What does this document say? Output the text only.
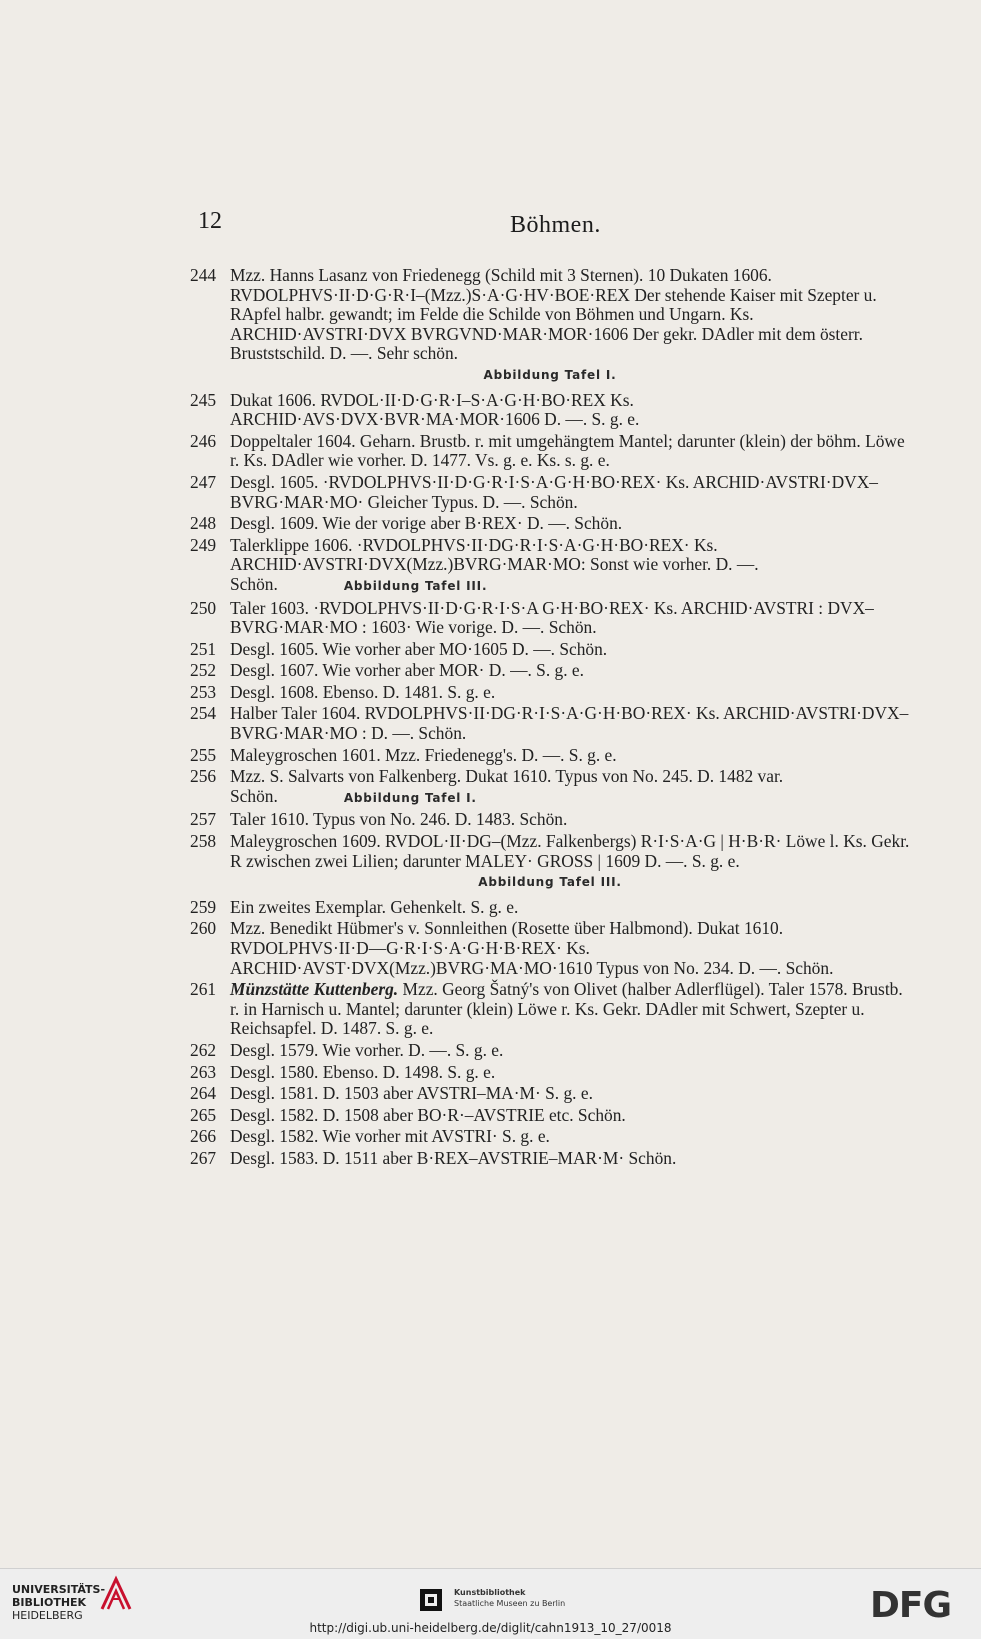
12	Böhmen.
244 Mzz. Hanns Lasanz von Friedenegg (Schild mit 3 Sternen). 10 Dukaten 1606. RVDOLPHVS·II·D·G·R·I–(Mzz.)S·A·G·HV·BOE·REX Der stehende Kaiser mit Szepter u. RApfel halbr. gewandt; im Felde die Schilde von Böhmen und Ungarn. Ks. ARCHID·AVSTRI·DVX BVRGVND·MAR·MOR·1606 Der gekr. DAdler mit dem österr. Bruststschild. D. —. Sehr schön.
Abbildung Tafel I.
245 Dukat 1606. RVDOL·II·D·G·R·I–S·A·G·H·BO·REX Ks. ARCHID·AVS·DVX·BVR·MA·MOR·1606 D. —. S. g. e.
246 Doppeltaler 1604. Geharn. Brustb. r. mit umgehängtem Mantel; darunter (klein) der böhm. Löwe r. Ks. DAdler wie vorher. D. 1477. Vs. g. e. Ks. s. g. e.
247 Desgl. 1605. ·RVDOLPHVS·II·D·G·R·I·S·A·G·H·BO·REX· Ks. ARCHID·AVSTRI·DVX–BVRG·MAR·MO· Gleicher Typus. D. —. Schön.
248 Desgl. 1609. Wie der vorige aber B·REX· D. —. Schön.
249 Talerklippe 1606. ·RVDOLPHVS·II·DG·R·I·S·A·G·H·BO·REX· Ks. ARCHID·AVSTRI·DVX(Mzz.)BVRG·MAR·MO: Sonst wie vorher. D. —. Schön.	Abbildung Tafel III.
250 Taler 1603. ·RVDOLPHVS·II·D·G·R·I·S·A G·H·BO·REX· Ks. ARCHID·AVSTRI : DVX–BVRG·MAR·MO : 1603· Wie vorige. D. —. Schön.
251 Desgl. 1605. Wie vorher aber MO·1605 D. —. Schön.
252 Desgl. 1607. Wie vorher aber MOR· D. —. S. g. e.
253 Desgl. 1608. Ebenso. D. 1481. S. g. e.
254 Halber Taler 1604. RVDOLPHVS·II·DG·R·I·S·A·G·H·BO·REX· Ks. ARCHID·AVSTRI·DVX–BVRG·MAR·MO : D. —. Schön.
255 Maleygroschen 1601. Mzz. Friedenegg's. D. —. S. g. e.
256 Mzz. S. Salvarts von Falkenberg. Dukat 1610. Typus von No. 245. D. 1482 var. Schön.	Abbildung Tafel I.
257 Taler 1610. Typus von No. 246. D. 1483. Schön.
258 Maleygroschen 1609. RVDOL·II·DG–(Mzz. Falkenbergs) R·I·S·A·G | H·B·R· Löwe l. Ks. Gekr. R zwischen zwei Lilien; darunter MALEY· GROSS | 1609 D. —. S. g. e.
Abbildung Tafel III.
259 Ein zweites Exemplar. Gehenkelt. S. g. e.
260 Mzz. Benedikt Hübmer's v. Sonnleithen (Rosette über Halbmond). Dukat 1610. RVDOLPHVS·II·D—G·R·I·S·A·G·H·B·REX· Ks. ARCHID·AVST·DVX(Mzz.)BVRG·MA·MO·1610 Typus von No. 234. D. —. Schön.
261 Münzstätte Kuttenberg. Mzz. Georg Šatný's von Olivet (halber Adlerflügel). Taler 1578. Brustb. r. in Harnisch u. Mantel; darunter (klein) Löwe r. Ks. Gekr. DAdler mit Schwert, Szepter u. Reichsapfel. D. 1487. S. g. e.
262 Desgl. 1579. Wie vorher. D. —. S. g. e.
263 Desgl. 1580. Ebenso. D. 1498. S. g. e.
264 Desgl. 1581. D. 1503 aber AVSTRI–MA·M· S. g. e.
265 Desgl. 1582. D. 1508 aber BO·R·–AVSTRIE etc. Schön.
266 Desgl. 1582. Wie vorher mit AVSTRI· S. g. e.
267 Desgl. 1583. D. 1511 aber B·REX–AVSTRIE–MAR·M· Schön.
UNIVERSITÄTS-
BIBLIOTHEK
HEIDELBERG
Kunstbibliothek
Staatliche Museen zu Berlin	DFG
http://digi.ub.uni-heidelberg.de/diglit/cahn1913_10_27/0018
